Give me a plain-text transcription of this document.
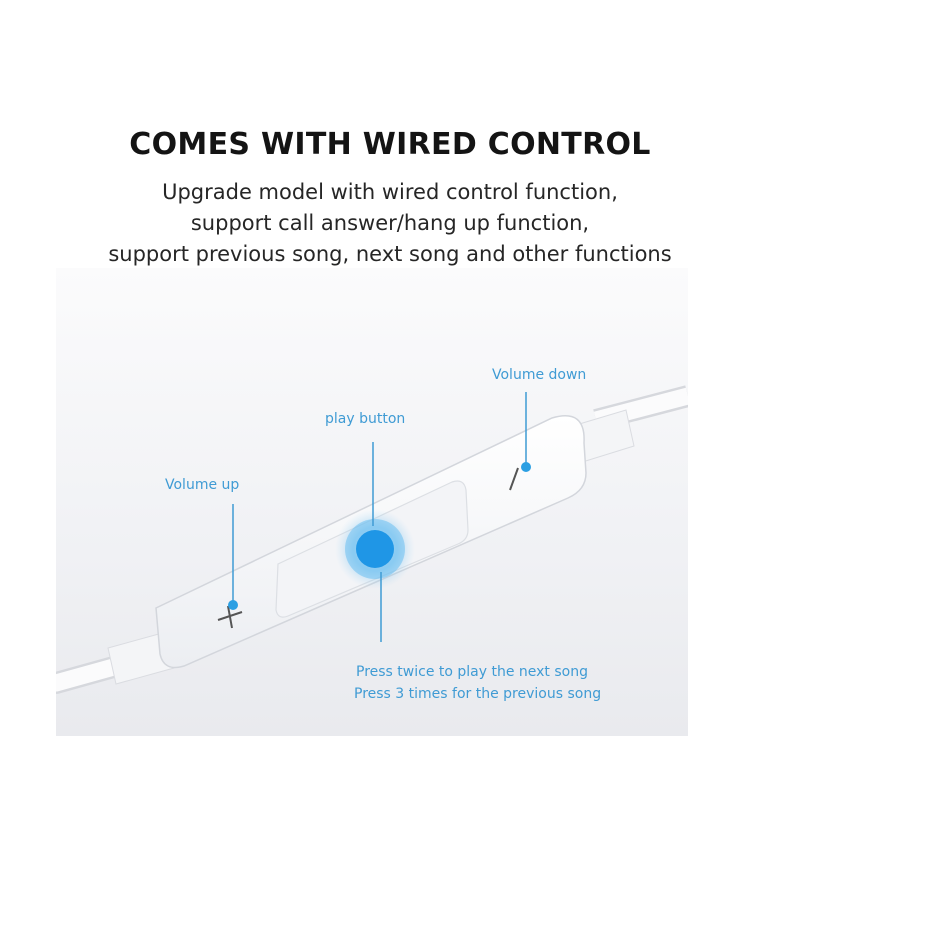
COMES WITH WIRED CONTROL
Upgrade model with wired control function,
support call answer/hang up function,
support previous song, next song and other functions
Volume up
play button
Volume down
Press twice to play the next song
Press 3 times for the previous song
